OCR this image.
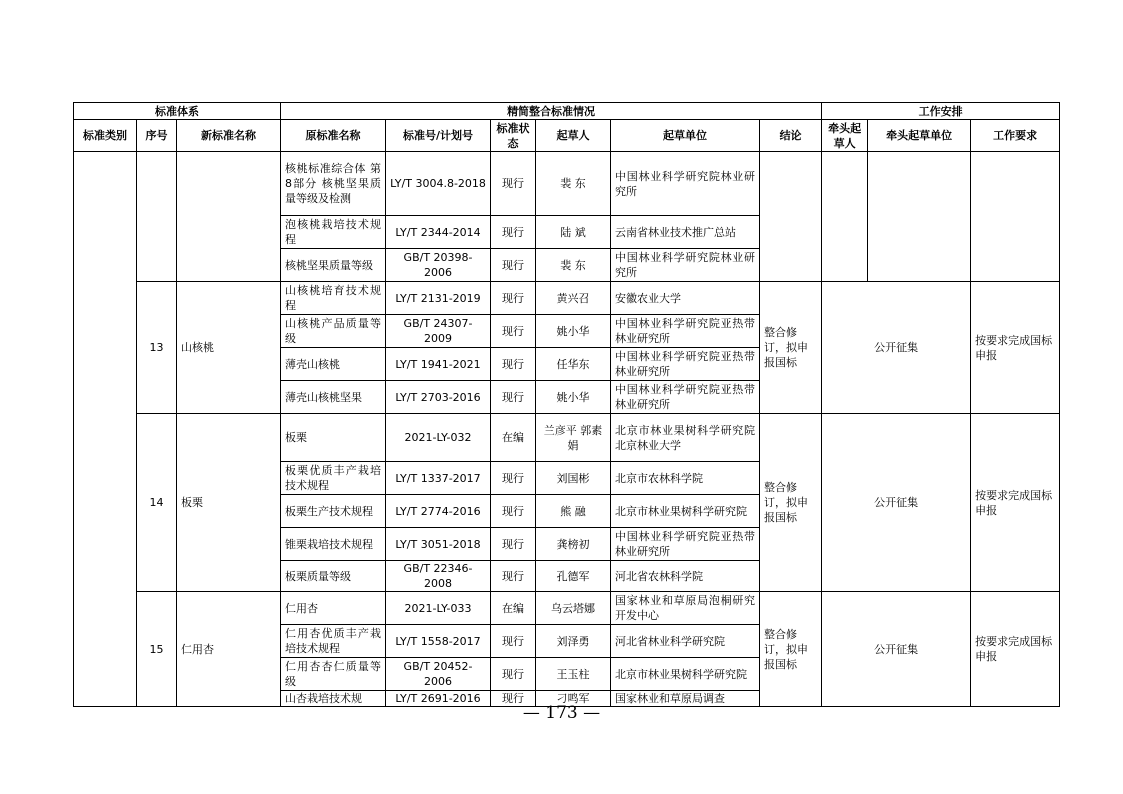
标准体系			精简整合标准情况						工作安排		
标准类别	序号	新标准名称	原标准名称	标准号/计划号	标准状态	起草人	起草单位	结论	牵头起草人	牵头起草单位	工作要求
			核桃标准综合体 第8部分 核桃坚果质量等级及检测	LY/T 3004.8-2018	现行	裴 东	中国林业科学研究院林业研究所				
			泡核桃栽培技术规程	LY/T 2344-2014	现行	陆 斌	云南省林业技术推广总站				
			核桃坚果质量等级	GB/T 20398-2006	现行	裴 东	中国林业科学研究院林业研究所				
	13	山核桃	山核桃培育技术规程	LY/T 2131-2019	现行	黄兴召	安徽农业大学	整合修订，拟申报国标	公开征集		按要求完成国标申报
			山核桃产品质量等级	GB/T 24307-2009	现行	姚小华	中国林业科学研究院亚热带林业研究所				
			薄壳山核桃	LY/T 1941-2021	现行	任华东	中国林业科学研究院亚热带林业研究所				
			薄壳山核桃坚果	LY/T 2703-2016	现行	姚小华	中国林业科学研究院亚热带林业研究所				
	14	板栗	板栗	2021-LY-032	在编	兰彦平 郭素娟	北京市林业果树科学研究院 北京林业大学	整合修订，拟申报国标	公开征集		按要求完成国标申报
			板栗优质丰产栽培技术规程	LY/T 1337-2017	现行	刘国彬	北京市农林科学院				
			板栗生产技术规程	LY/T 2774-2016	现行	熊 融	北京市林业果树科学研究院				
			锥栗栽培技术规程	LY/T 3051-2018	现行	龚榜初	中国林业科学研究院亚热带林业研究所				
			板栗质量等级	GB/T 22346-2008	现行	孔德军	河北省农林科学院				
	15	仁用杏	仁用杏	2021-LY-033	在编	乌云塔娜	国家林业和草原局泡桐研究开发中心	整合修订，拟申报国标	公开征集		按要求完成国标申报
			仁用杏优质丰产栽培技术规程	LY/T 1558-2017	现行	刘泽勇	河北省林业科学研究院				
			仁用杏杏仁质量等级	GB/T 20452-2006	现行	王玉柱	北京市林业果树科学研究院				
			山杏栽培技术规	LY/T 2691-2016	现行	刁鸣军	国家林业和草原局调查				
— 173 —
